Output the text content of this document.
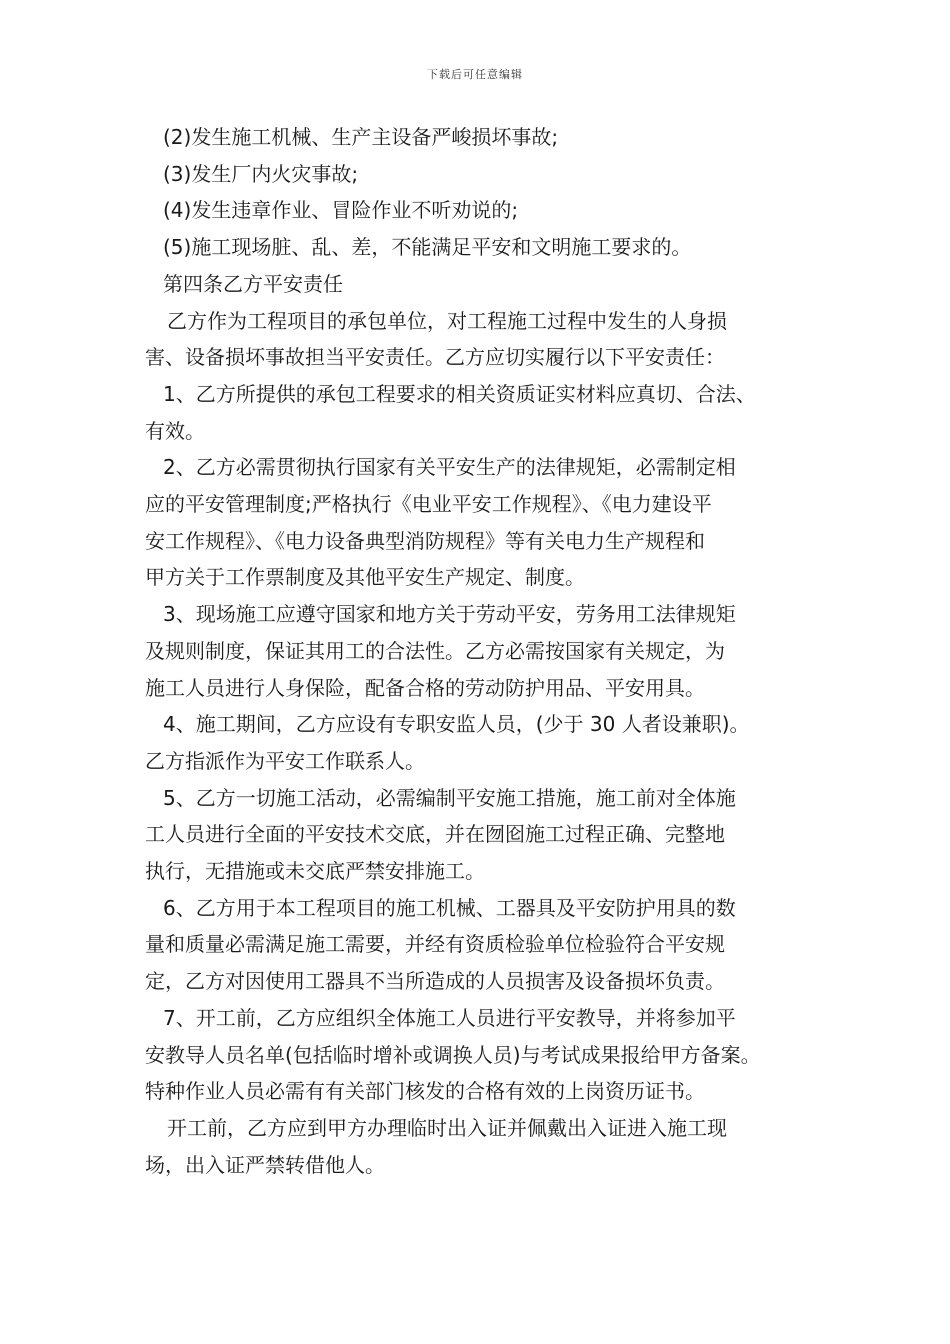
下载后可任意编辑
(2)发生施工机械、生产主设备严峻损坏事故;
(3)发生厂内火灾事故;
(4)发生违章作业、冒险作业不听劝说的;
(5)施工现场脏、乱、差，不能满足平安和文明施工要求的。
第四条乙方平安责任
乙方作为工程项目的承包单位，对工程施工过程中发生的人身损
害、设备损坏事故担当平安责任。乙方应切实履行以下平安责任：
1、乙方所提供的承包工程要求的相关资质证实材料应真切、合法、
有效。
2、乙方必需贯彻执行国家有关平安生产的法律规矩，必需制定相
应的平安管理制度;严格执行《电业平安工作规程》、《电力建设平
安工作规程》、《电力设备典型消防规程》等有关电力生产规程和
甲方关于工作票制度及其他平安生产规定、制度。
3、现场施工应遵守国家和地方关于劳动平安，劳务用工法律规矩
及规则制度，保证其用工的合法性。乙方必需按国家有关规定，为
施工人员进行人身保险，配备合格的劳动防护用品、平安用具。
4、施工期间，乙方应设有专职安监人员，(少于 30 人者设兼职)。
乙方指派作为平安工作联系人。
5、乙方一切施工活动，必需编制平安施工措施，施工前对全体施
工人员进行全面的平安技术交底，并在囫囵施工过程正确、完整地
执行，无措施或未交底严禁安排施工。
6、乙方用于本工程项目的施工机械、工器具及平安防护用具的数
量和质量必需满足施工需要，并经有资质检验单位检验符合平安规
定，乙方对因使用工器具不当所造成的人员损害及设备损坏负责。
7、开工前，乙方应组织全体施工人员进行平安教导，并将参加平
安教导人员名单(包括临时增补或调换人员)与考试成果报给甲方备案。
特种作业人员必需有有关部门核发的合格有效的上岗资历证书。
开工前，乙方应到甲方办理临时出入证并佩戴出入证进入施工现
场，出入证严禁转借他人。
